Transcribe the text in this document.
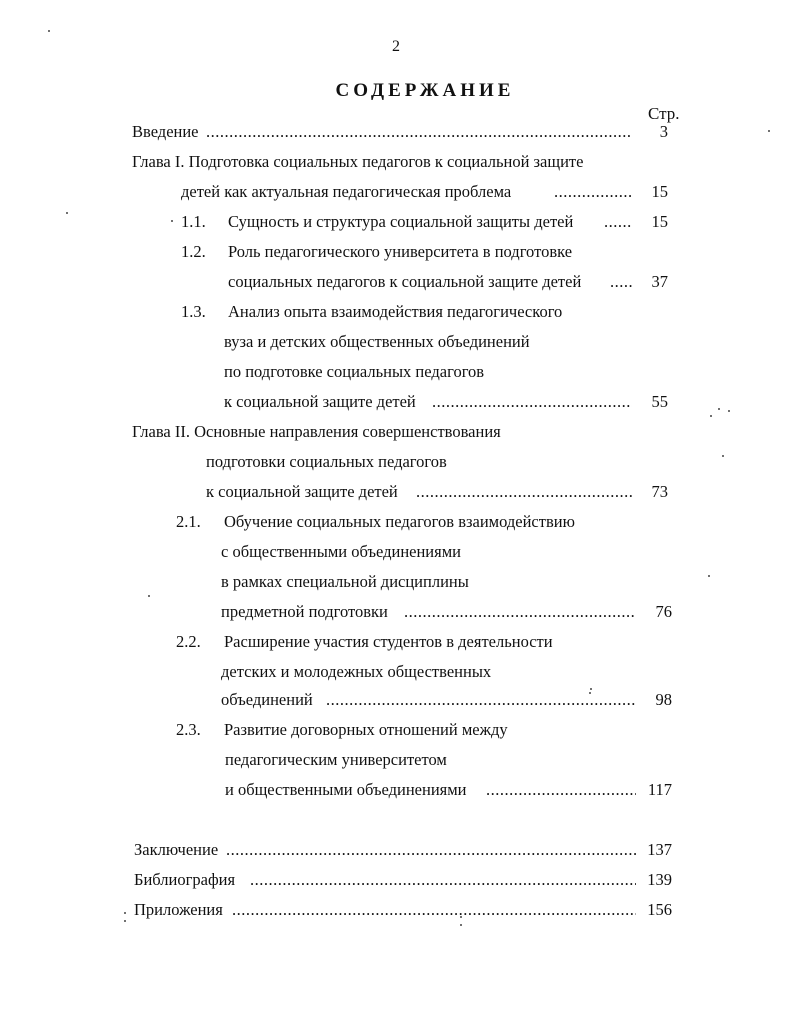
2
СОДЕРЖАНИЕ
Стр.
Введение .....	3
Глава I. Подготовка социальных педагогов к социальной защите
детей как актуальная педагогическая проблема .....	15
1.1. Сущность и структура социальной защиты детей .....	15
1.2. Роль педагогического университета в подготовке
социальных педагогов к социальной защите детей .....	37
1.3. Анализ опыта взаимодействия педагогического
вуза и детских общественных объединений
по подготовке социальных педагогов
к социальной защите детей .....	55
Глава II. Основные направления совершенствования
подготовки социальных педагогов
к социальной защите детей .....	73
2.1. Обучение социальных педагогов взаимодействию
с общественными объединениями
в рамках специальной дисциплины
предметной подготовки .....	76
2.2. Расширение участия студентов в деятельности
детских и молодежных общественных
объединений .....	98
2.3. Развитие договорных отношений между
педагогическим университетом
и общественными объединениями .....	117
Заключение .....	137
Библиография .....	139
Приложения .....	156
